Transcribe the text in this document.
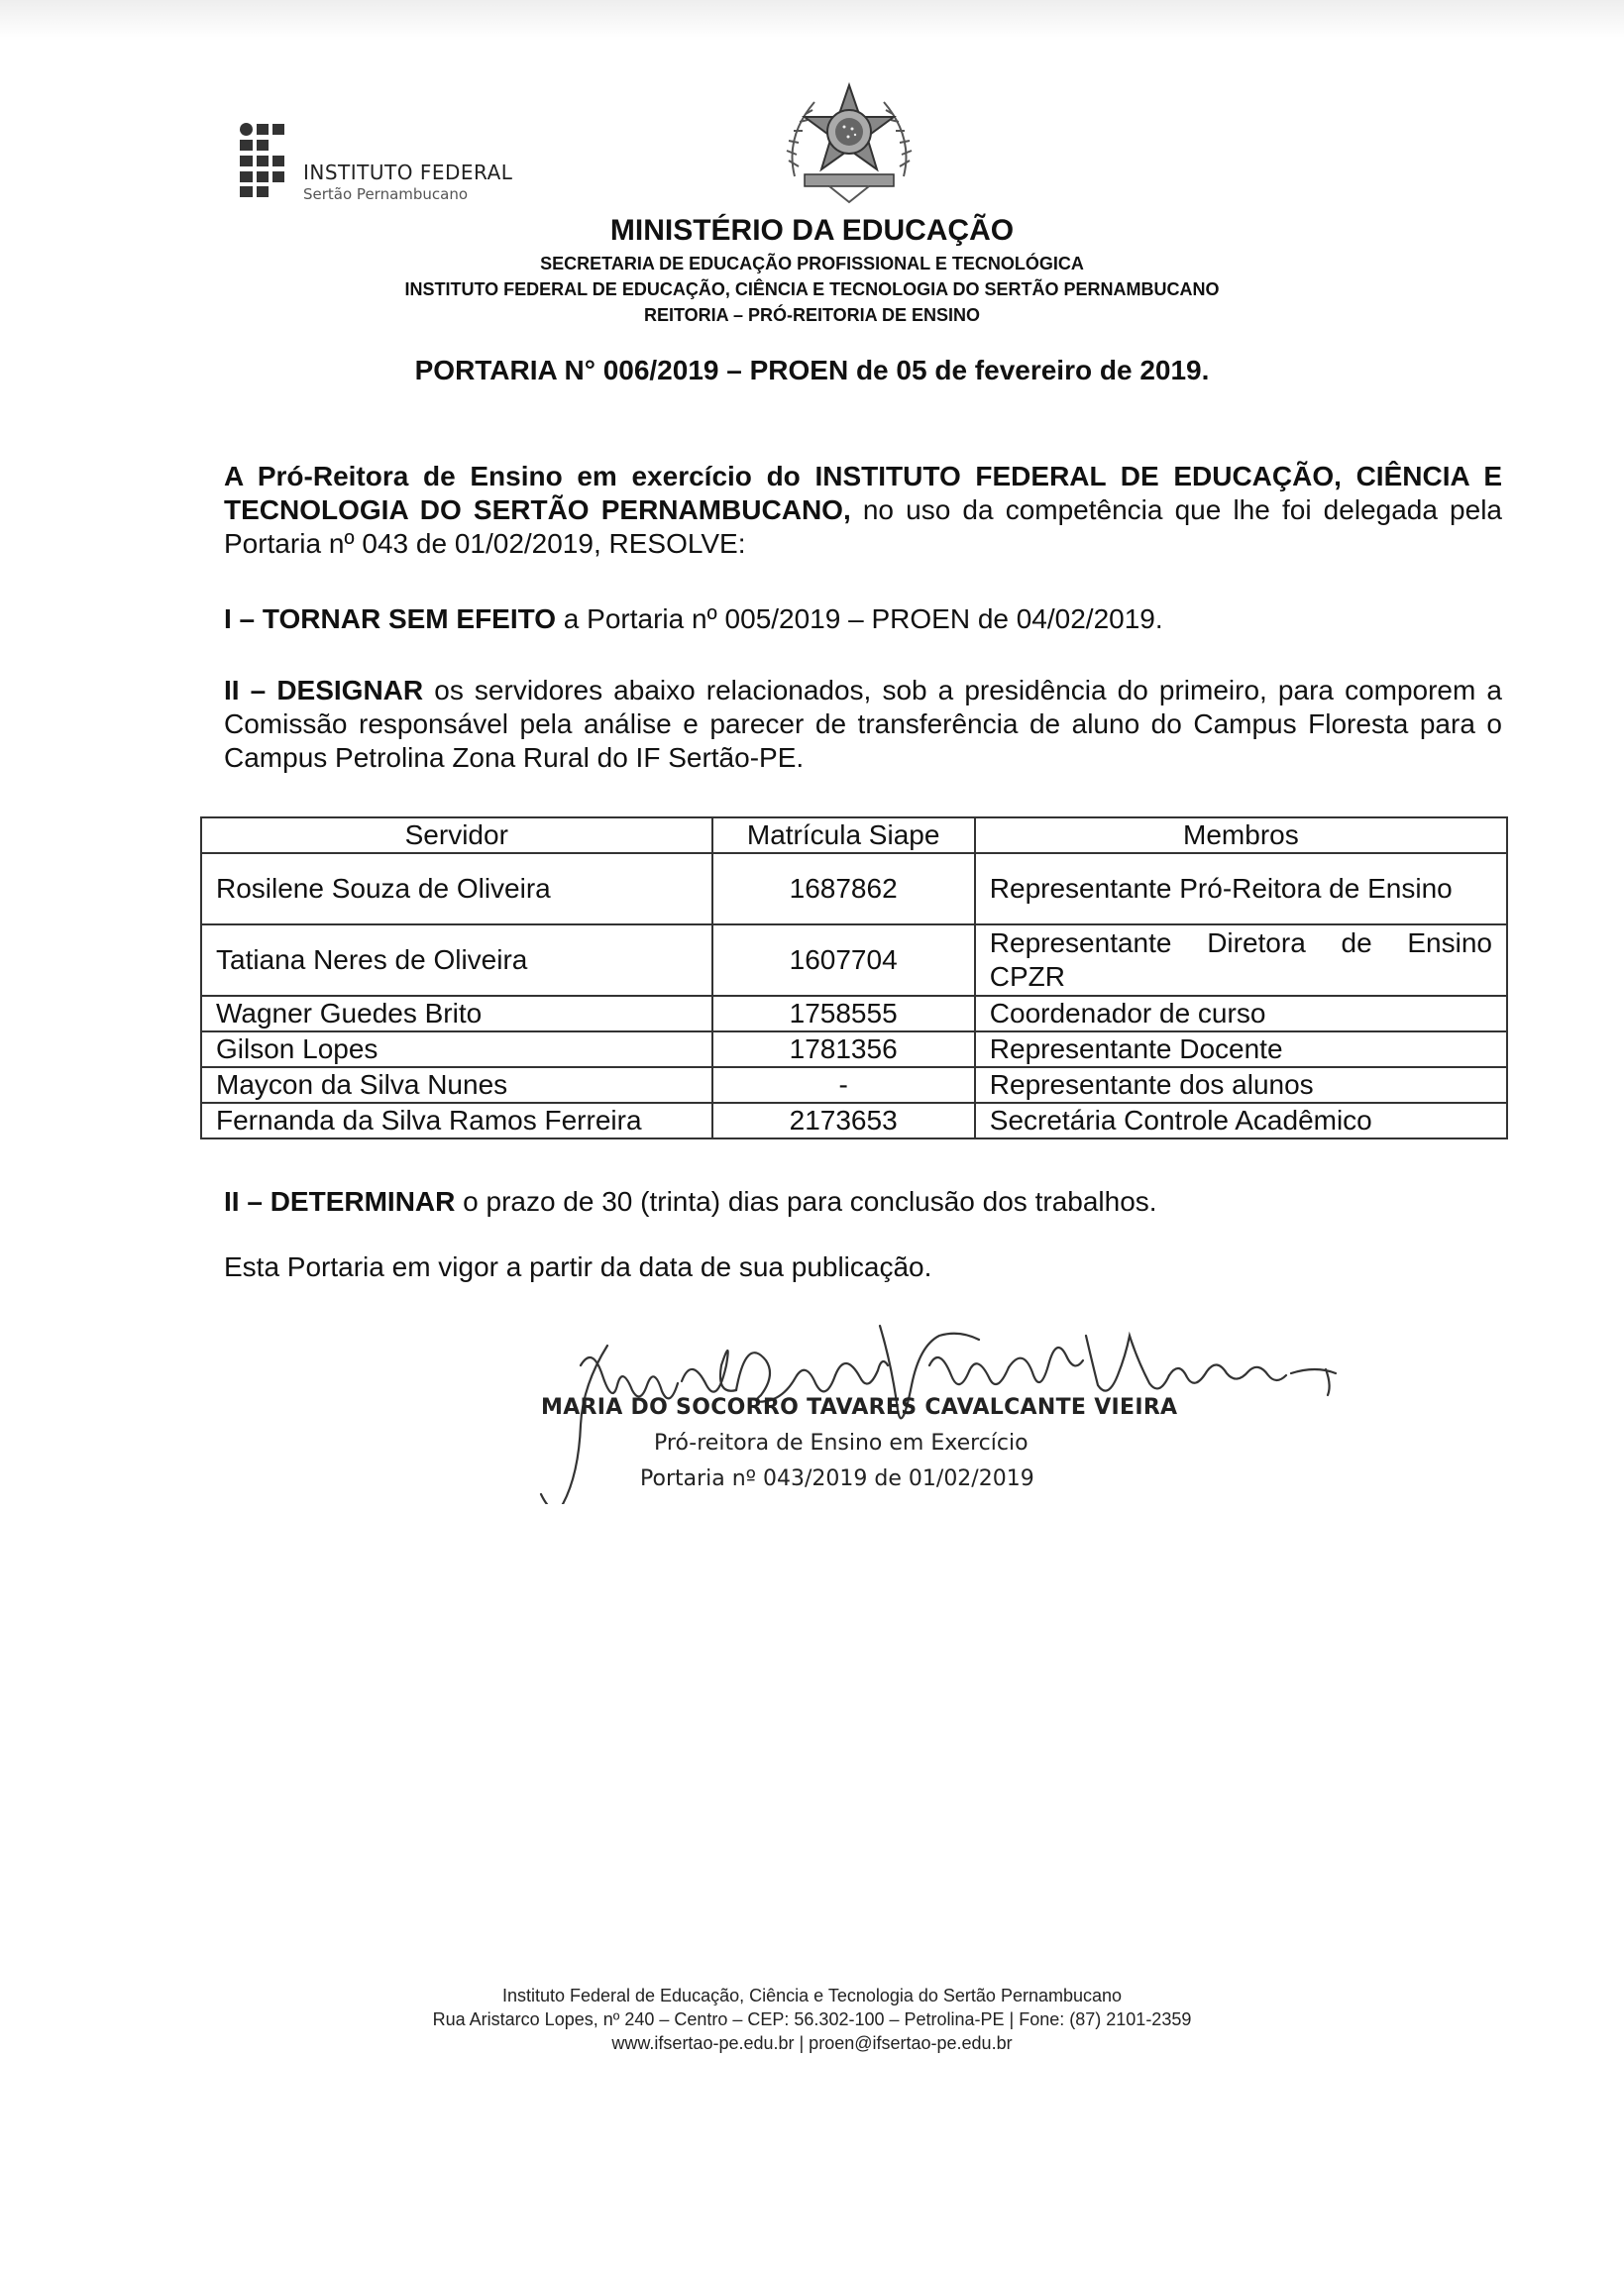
INSTITUTO FEDERAL
Sertão Pernambucano
MINISTÉRIO DA EDUCAÇÃO
SECRETARIA DE EDUCAÇÃO PROFISSIONAL E TECNOLÓGICA
INSTITUTO FEDERAL DE EDUCAÇÃO, CIÊNCIA E TECNOLOGIA DO SERTÃO PERNAMBUCANO
REITORIA – PRÓ-REITORIA DE ENSINO
PORTARIA N° 006/2019 – PROEN de 05 de fevereiro de 2019.
A Pró-Reitora de Ensino em exercício do INSTITUTO FEDERAL DE EDUCAÇÃO, CIÊNCIA E TECNOLOGIA DO SERTÃO PERNAMBUCANO, no uso da competência que lhe foi delegada pela Portaria nº 043 de 01/02/2019, RESOLVE:
I – TORNAR SEM EFEITO a Portaria nº 005/2019 – PROEN de 04/02/2019.
II – DESIGNAR os servidores abaixo relacionados, sob a presidência do primeiro, para comporem a Comissão responsável pela análise e parecer de transferência de aluno do Campus Floresta para o Campus Petrolina Zona Rural do IF Sertão-PE.
Servidor	Matrícula Siape	Membros
Rosilene Souza de Oliveira	1687862	Representante Pró-Reitora de Ensino
Tatiana Neres de Oliveira	1607704	Representante Diretora de Ensino CPZR
Wagner Guedes Brito	1758555	Coordenador de curso
Gilson Lopes	1781356	Representante Docente
Maycon da Silva Nunes	-	Representante dos alunos
Fernanda da Silva Ramos Ferreira	2173653	Secretária Controle Acadêmico
II – DETERMINAR o prazo de 30 (trinta) dias para conclusão dos trabalhos.
Esta Portaria em vigor a partir da data de sua publicação.
MARIA DO SOCORRO TAVARES CAVALCANTE VIEIRA
Pró-reitora de Ensino em Exercício
Portaria nº 043/2019 de 01/02/2019
Instituto Federal de Educação, Ciência e Tecnologia do Sertão Pernambucano
Rua Aristarco Lopes, nº 240 – Centro – CEP: 56.302-100 – Petrolina-PE | Fone: (87) 2101-2359
www.ifsertao-pe.edu.br | proen@ifsertao-pe.edu.br
